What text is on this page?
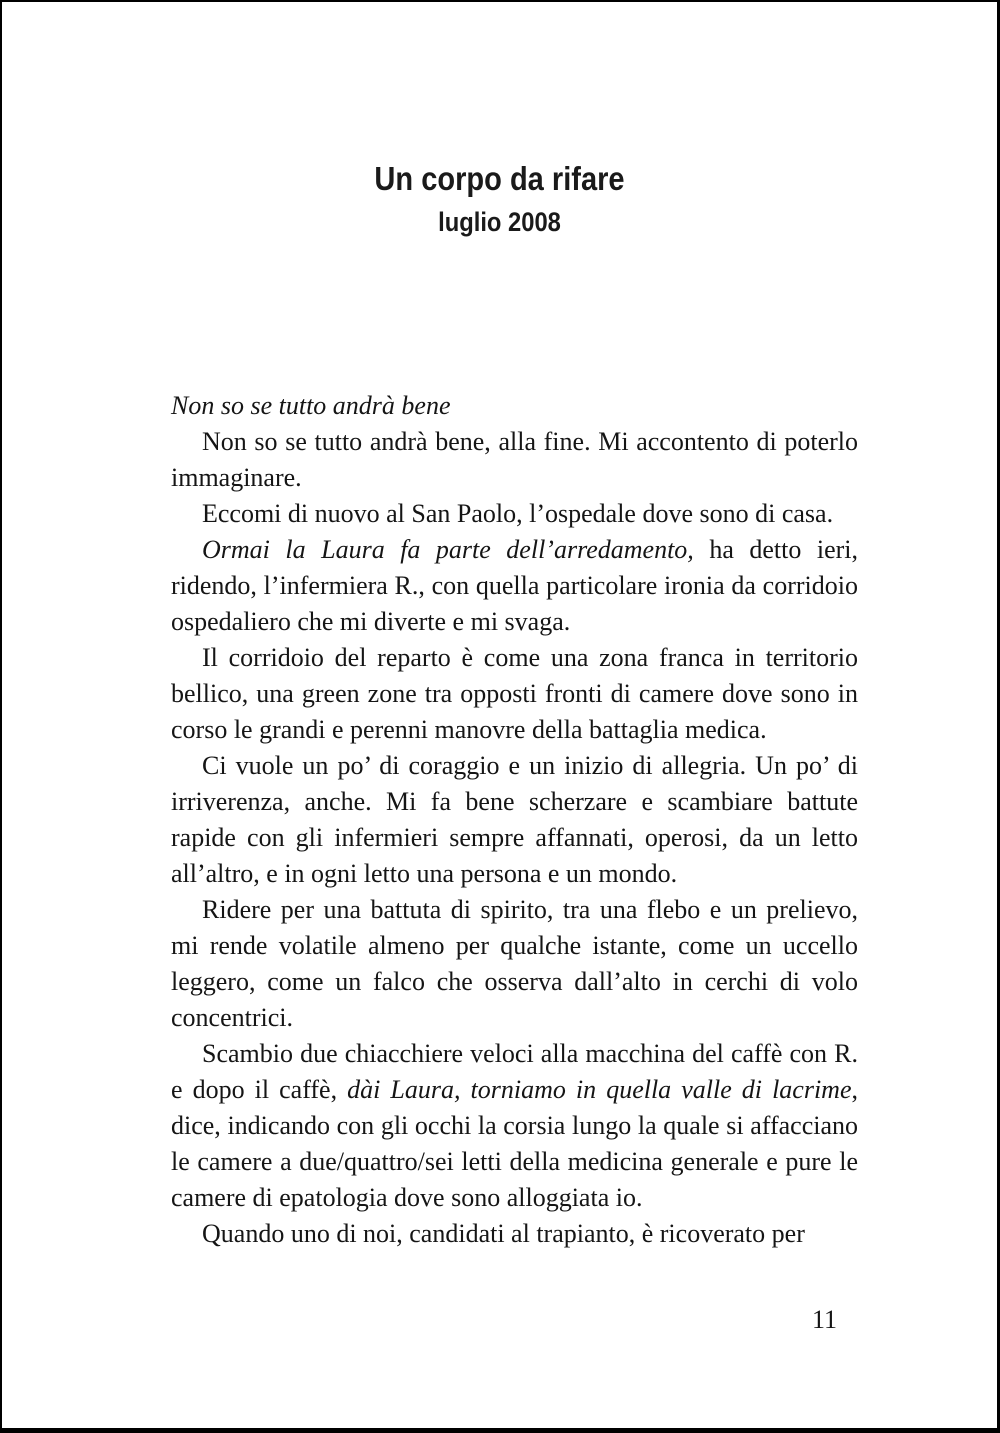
Un corpo da rifare
luglio 2008

Non so se tutto andrà bene

Non so se tutto andrà bene, alla fine. Mi accontento di poterlo immaginare.

Eccomi di nuovo al San Paolo, l’ospedale dove sono di casa.

Ormai la Laura fa parte dell’arredamento, ha detto ieri, ridendo, l’infermiera R., con quella particolare ironia da corridoio ospedaliero che mi diverte e mi svaga.

Il corridoio del reparto è come una zona franca in territorio bellico, una green zone tra opposti fronti di camere dove sono in corso le grandi e perenni manovre della battaglia medica.

Ci vuole un po’ di coraggio e un inizio di allegria. Un po’ di irriverenza, anche. Mi fa bene scherzare e scambiare battute rapide con gli infermieri sempre affannati, operosi, da un letto all’altro, e in ogni letto una persona e un mondo.

Ridere per una battuta di spirito, tra una flebo e un prelievo, mi rende volatile almeno per qualche istante, come un uccello leggero, come un falco che osserva dall’alto in cerchi di volo concentrici.

Scambio due chiacchiere veloci alla macchina del caffè con R. e dopo il caffè, dài Laura, torniamo in quella valle di lacrime, dice, indicando con gli occhi la corsia lungo la quale si affacciano le camere a due/quattro/sei letti della medicina generale e pure le camere di epatologia dove sono alloggiata io.

Quando uno di noi, candidati al trapianto, è ricoverato per

11
